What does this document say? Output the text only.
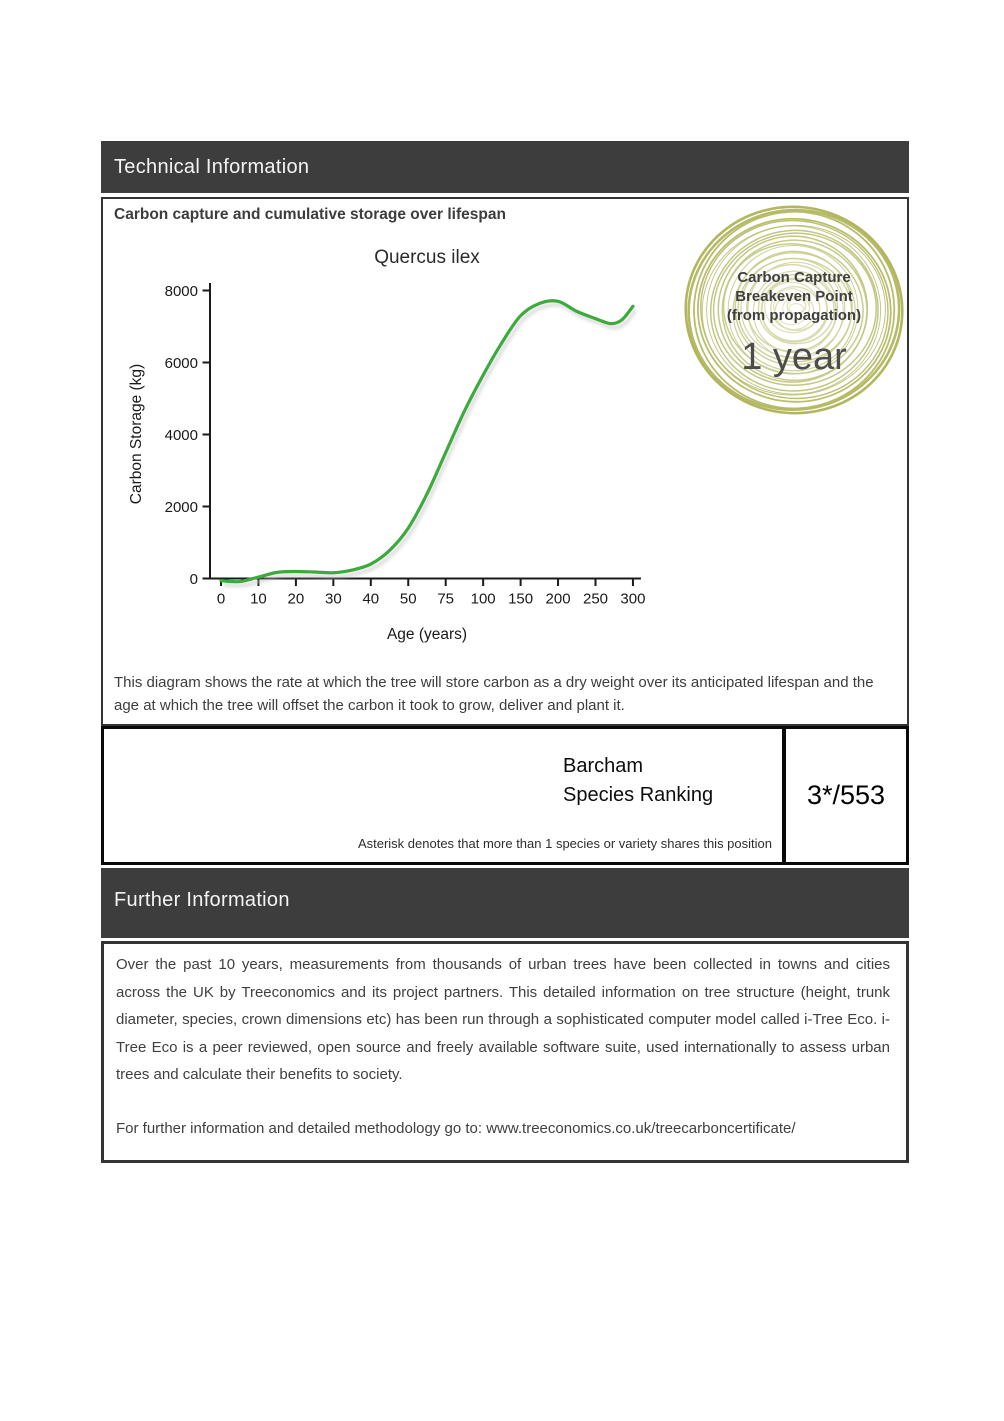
Technical Information
Carbon capture and cumulative storage over lifespan
Quercus ilex
Carbon Storage (kg)
Age (years)
0
2000
4000
6000
8000
0 10 20 30 40 50 75 100 150 200 250 300
Carbon Capture
Breakeven Point
(from propagation)
1 year
This diagram shows the rate at which the tree will store carbon as a dry weight over its anticipated lifespan and the age at which the tree will offset the carbon it took to grow, deliver and plant it.
Barcham
Species Ranking
Asterisk denotes that more than 1 species or variety shares this position
3*/553
Further Information

Over the past 10 years, measurements from thousands of urban trees have been collected in towns and cities across the UK by Treeconomics and its project partners. This detailed information on tree structure (height, trunk diameter, species, crown dimensions etc) has been run through a sophisticated computer model called i-Tree Eco. i-Tree Eco is a peer reviewed, open source and freely available software suite, used internationally to assess urban trees and calculate their benefits to society.

For further information and detailed methodology go to: www.treeconomics.co.uk/treecarboncertificate/
